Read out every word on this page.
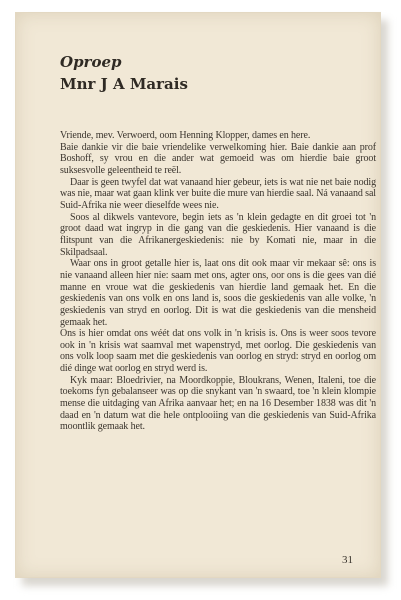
Oproep
Mnr J A Marais

Vriende, mev. Verwoerd, oom Henning Klopper, dames en here.

Baie dankie vir die baie vriendelike verwelkoming hier. Baie dankie aan prof Boshoff, sy vrou en die ander wat gemoeid was om hierdie baie groot suksesvolle geleentheid te reël.

Daar is geen twyfel dat wat vanaand hier gebeur, iets is wat nie net baie nodig was nie, maar wat gaan klink ver buite die mure van hierdie saal. Ná vanaand sal Suid-Afrika nie weer dieselfde wees nie.

Soos al dikwels vantevore, begin iets as 'n klein gedagte en dit groei tot 'n groot daad wat ingryp in die gang van die geskiedenis. Hier vanaand is die flitspunt van die Afrikanergeskiedenis: nie by Komati nie, maar in die Skilpadsaal.

Waar ons in groot getalle hier is, laat ons dit ook maar vir mekaar sê: ons is nie vanaand alleen hier nie: saam met ons, agter ons, oor ons is die gees van dié manne en vroue wat die geskiedenis van hierdie land gemaak het. En die geskiedenis van ons volk en ons land is, soos die geskiedenis van alle volke, 'n geskiedenis van stryd en oorlog. Dit is wat die geskiedenis van die mensheid gemaak het.

Ons is hier omdat ons wéét dat ons volk in 'n krisis is. Ons is weer soos tevore ook in 'n krisis wat saamval met wapenstryd, met oorlog. Die geskiedenis van ons volk loop saam met die geskiedenis van oorlog en stryd: stryd en oorlog om dié dinge wat oorlog en stryd werd is.

Kyk maar: Bloedrivier, na Moordkoppie, Bloukrans, Wenen, Italeni, toe die toekoms fyn gebalanseer was op die snykant van 'n swaard, toe 'n klein klompie mense die uitdaging van Afrika aanvaar het; en na 16 Desember 1838 was dit 'n daad en 'n datum wat die hele ontplooiing van die geskiedenis van Suid-Afrika moontlik gemaak het.

31
